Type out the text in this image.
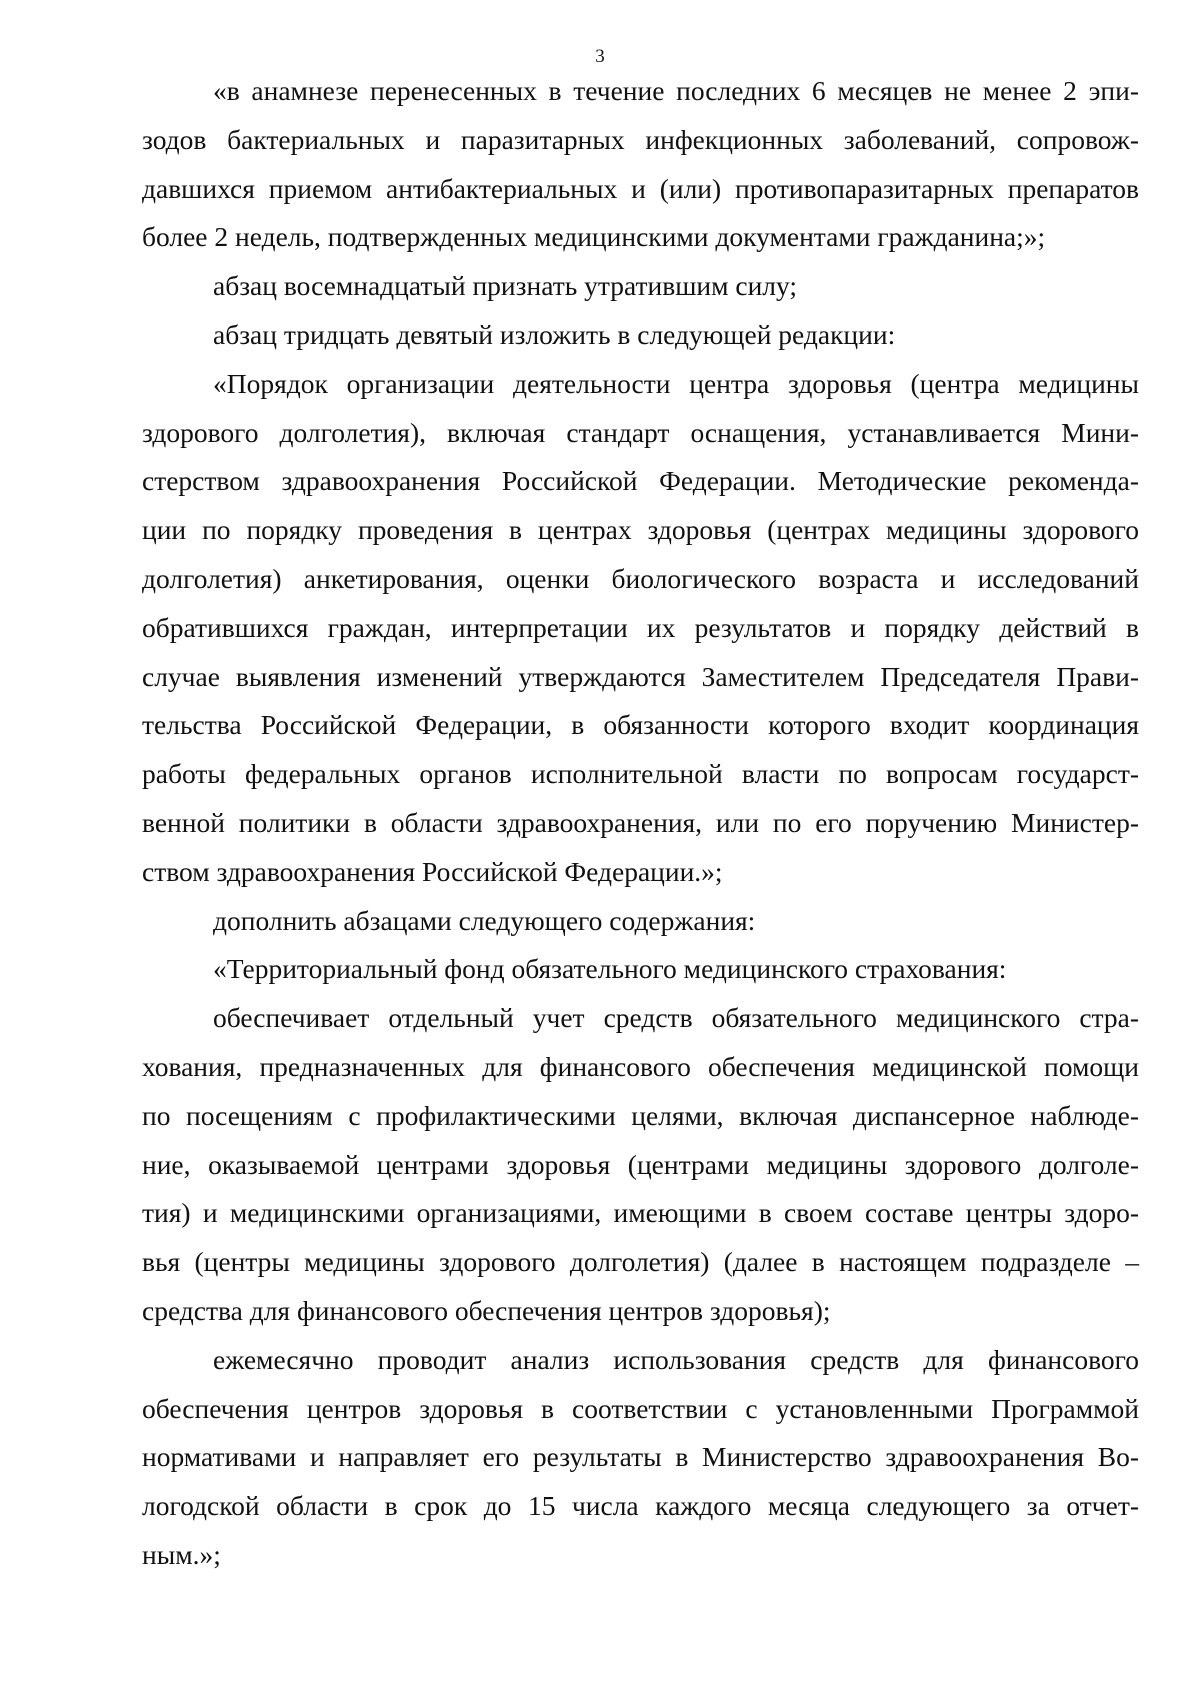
3
«в анамнезе перенесенных в течение последних 6 месяцев не менее 2 эпи-
зодов бактериальных и паразитарных инфекционных заболеваний, сопровож-
давшихся приемом антибактериальных и (или) противопаразитарных препаратов
более 2 недель, подтвержденных медицинскими документами гражданина;»;
абзац восемнадцатый признать утратившим силу;
абзац тридцать девятый изложить в следующей редакции:
«Порядок организации деятельности центра здоровья (центра медицины
здорового долголетия), включая стандарт оснащения, устанавливается Мини-
стерством здравоохранения Российской Федерации. Методические рекоменда-
ции по порядку проведения в центрах здоровья (центрах медицины здорового
долголетия) анкетирования, оценки биологического возраста и исследований
обратившихся граждан, интерпретации их результатов и порядку действий в
случае выявления изменений утверждаются Заместителем Председателя Прави-
тельства Российской Федерации, в обязанности которого входит координация
работы федеральных органов исполнительной власти по вопросам государст-
венной политики в области здравоохранения, или по его поручению Министер-
ством здравоохранения Российской Федерации.»;
дополнить абзацами следующего содержания:
«Территориальный фонд обязательного медицинского страхования:
обеспечивает отдельный учет средств обязательного медицинского стра-
хования, предназначенных для финансового обеспечения медицинской помощи
по посещениям с профилактическими целями, включая диспансерное наблюде-
ние, оказываемой центрами здоровья (центрами медицины здорового долголе-
тия) и медицинскими организациями, имеющими в своем составе центры здоро-
вья (центры медицины здорового долголетия) (далее в настоящем подразделе –
средства для финансового обеспечения центров здоровья);
ежемесячно проводит анализ использования средств для финансового
обеспечения центров здоровья в соответствии с установленными Программой
нормативами и направляет его результаты в Министерство здравоохранения Во-
логодской области в срок до 15 числа каждого месяца следующего за отчет-
ным.»;
